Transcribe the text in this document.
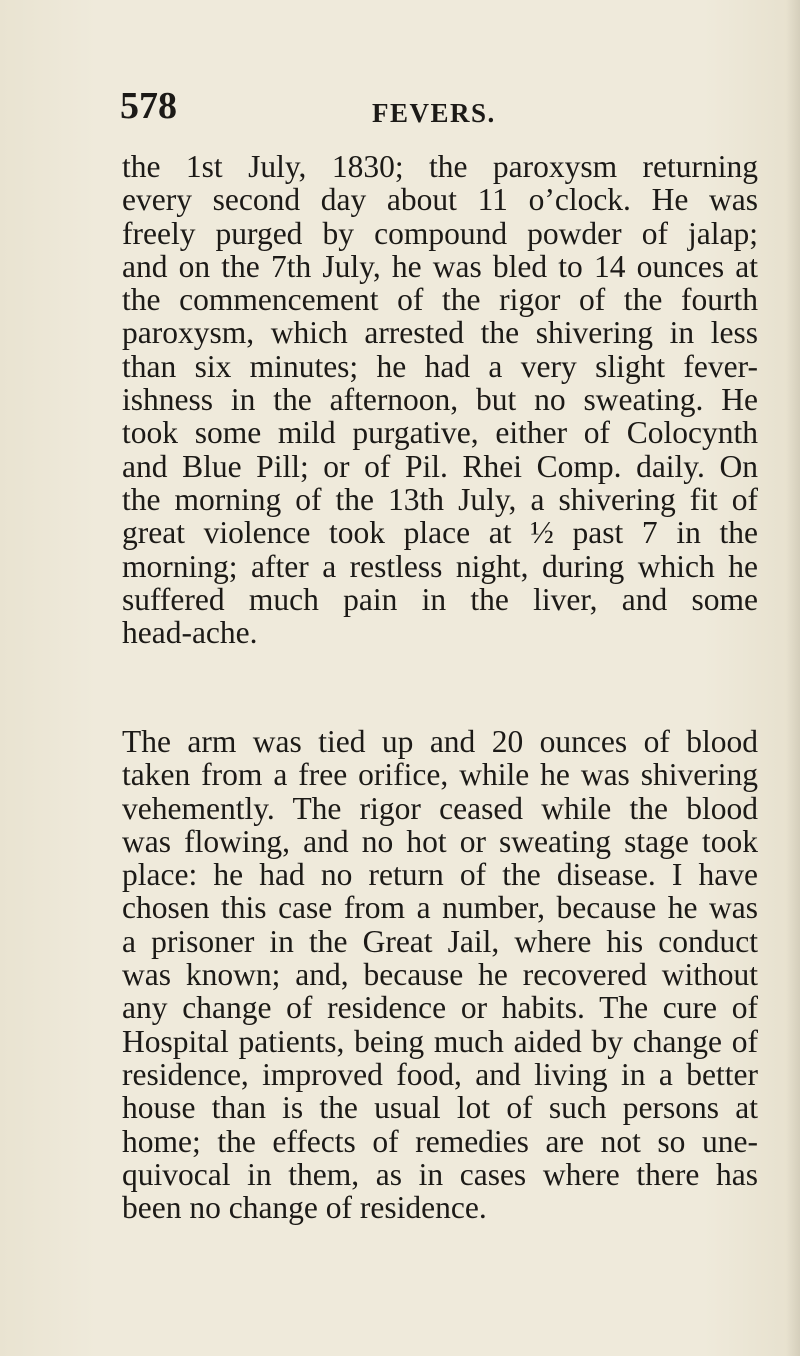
578	FEVERS.
the 1st July, 1830; the paroxysm returning
every second day about 11 o’clock. He was
freely purged by compound powder of jalap;
and on the 7th July, he was bled to 14 ounces at
the commencement of the rigor of the fourth
paroxysm, which arrested the shivering in less
than six minutes; he had a very slight fever-
ishness in the afternoon, but no sweating. He
took some mild purgative, either of Colocynth
and Blue Pill; or of Pil. Rhei Comp. daily. On
the morning of the 13th July, a shivering fit of
great violence took place at ½ past 7 in the
morning; after a restless night, during which he
suffered much pain in the liver, and some
head-ache.
The arm was tied up and 20 ounces of blood
taken from a free orifice, while he was shivering
vehemently. The rigor ceased while the blood
was flowing, and no hot or sweating stage took
place: he had no return of the disease. I have
chosen this case from a number, because he was
a prisoner in the Great Jail, where his conduct
was known; and, because he recovered without
any change of residence or habits. The cure of
Hospital patients, being much aided by change of
residence, improved food, and living in a better
house than is the usual lot of such persons at
home; the effects of remedies are not so une-
quivocal in them, as in cases where there has
been no change of residence.
